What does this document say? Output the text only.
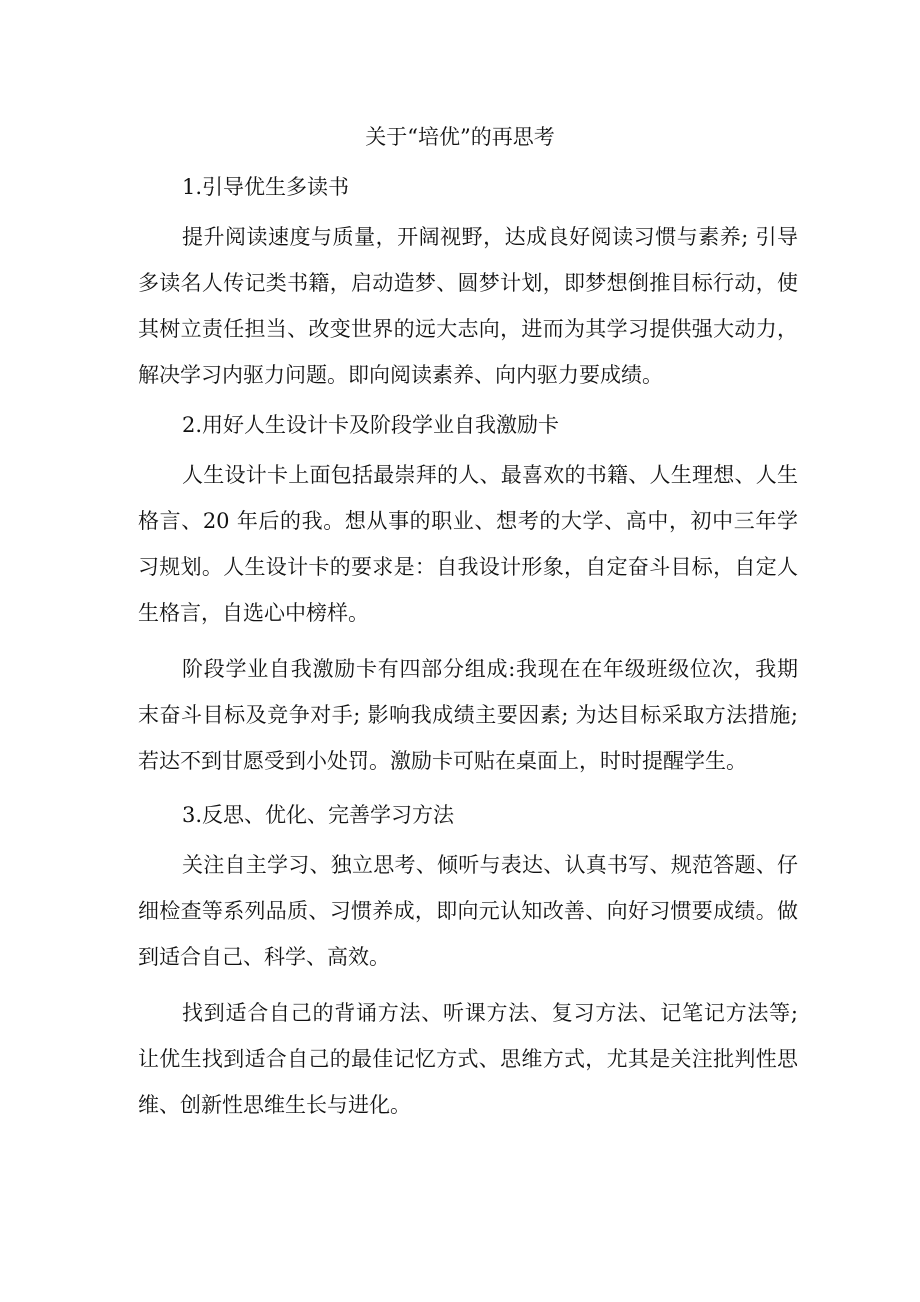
关于“培优”的再思考

1.引导优生多读书

提升阅读速度与质量，开阔视野，达成良好阅读习惯与素养; 引导多读名人传记类书籍，启动造梦、圆梦计划，即梦想倒推目标行动，使其树立责任担当、改变世界的远大志向，进而为其学习提供强大动力，解决学习内驱力问题。即向阅读素养、向内驱力要成绩。

2.用好人生设计卡及阶段学业自我激励卡

人生设计卡上面包括最崇拜的人、最喜欢的书籍、人生理想、人生格言、20 年后的我。想从事的职业、想考的大学、高中，初中三年学习规划。人生设计卡的要求是：自我设计形象，自定奋斗目标，自定人生格言，自选心中榜样。

阶段学业自我激励卡有四部分组成:我现在在年级班级位次，我期末奋斗目标及竞争对手; 影响我成绩主要因素; 为达目标采取方法措施; 若达不到甘愿受到小处罚。激励卡可贴在桌面上，时时提醒学生。

3.反思、优化、完善学习方法

关注自主学习、独立思考、倾听与表达、认真书写、规范答题、仔细检查等系列品质、习惯养成，即向元认知改善、向好习惯要成绩。做到适合自己、科学、高效。

找到适合自己的背诵方法、听课方法、复习方法、记笔记方法等; 让优生找到适合自己的最佳记忆方式、思维方式，尤其是关注批判性思维、创新性思维生长与进化。
